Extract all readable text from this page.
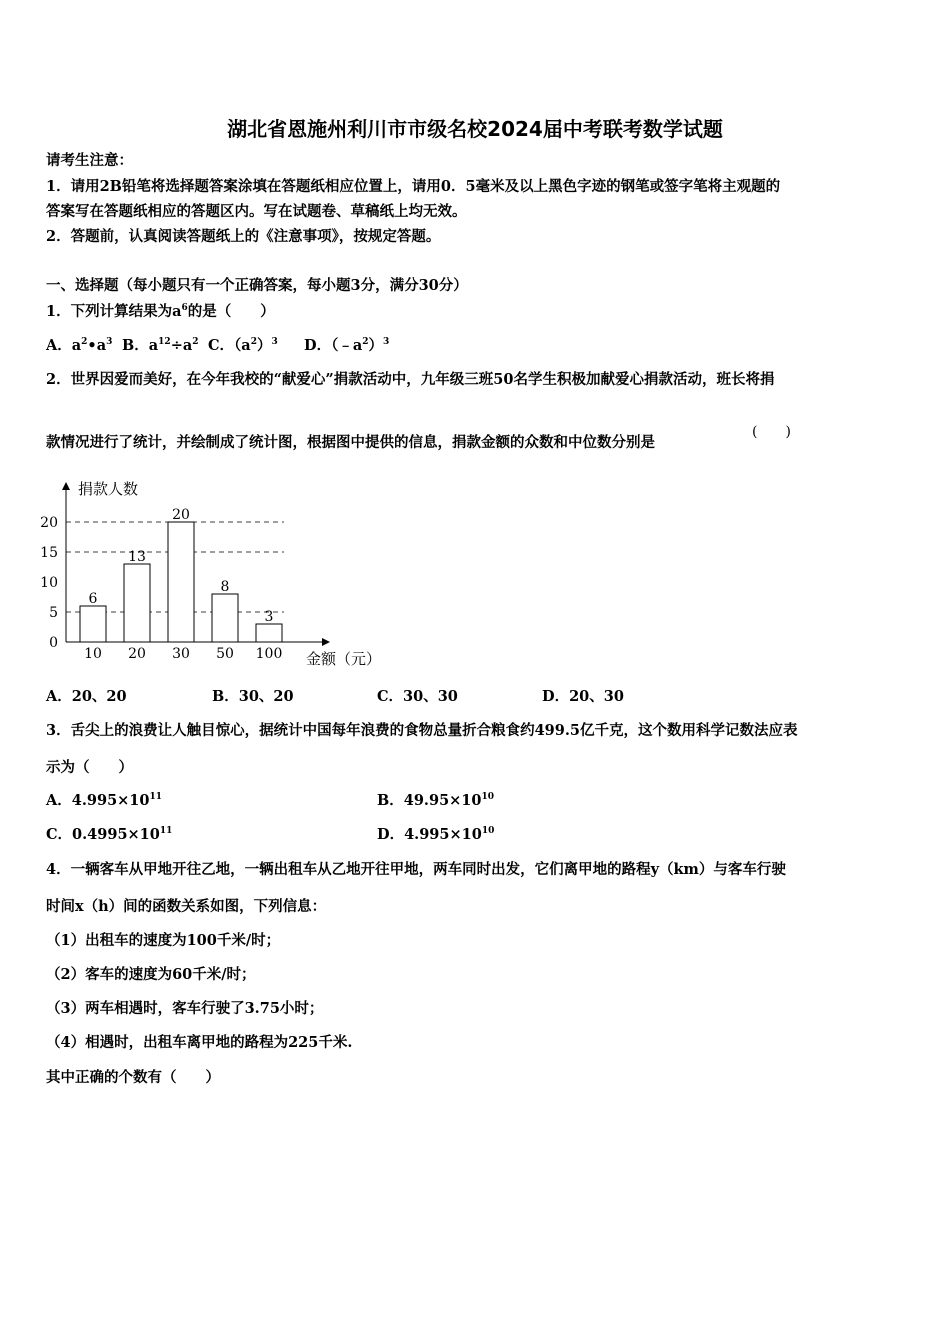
湖北省恩施州利川市市级名校2024届中考联考数学试题
请考生注意：
1．请用2B铅笔将选择题答案涂填在答题纸相应位置上，请用0．5毫米及以上黑色字迹的钢笔或签字笔将主观题的
答案写在答题纸相应的答题区内。写在试题卷、草稿纸上均无效。
2．答题前，认真阅读答题纸上的《注意事项》，按规定答题。
一、选择题（每小题只有一个正确答案，每小题3分，满分30分）
1．下列计算结果为$a^6$的是（　　）
A．$a^2•a^3$ B．$a^{12}\div a^2$ C．$(a^2)^3$ D．$(﹣a^2)^3$
2．世界因爱而美好，在今年我校的“献爱心”捐款活动中，九年级三班50名学生积极加献爱心捐款活动，班长将捐
款情况进行了统计，并绘制成了统计图，根据图中提供的信息，捐款金额的众数和中位数分别是
(　　)
捐款人数
金额（元）
0
5
10
15
20
6
13
20
8
3
10 20 30 50 100
A．20、20	B．30、20	C．30、30	D．20、30
3．舌尖上的浪费让人触目惊心，据统计中国每年浪费的食物总量折合粮食约499.5亿千克，这个数用科学记数法应表
示为（　　）
A．$4.995\times 10^{11}$	B．$49.95\times 10^{10}$
C．$0.4995\times 10^{11}$	D．$4.995\times 10^{10}$
4．一辆客车从甲地开往乙地，一辆出租车从乙地开往甲地，两车同时出发，它们离甲地的路程y（km）与客车行驶
时间x（h）间的函数关系如图，下列信息：
（1）出租车的速度为100千米/时；
（2）客车的速度为60千米/时；
（3）两车相遇时，客车行驶了3.75小时；
（4）相遇时，出租车离甲地的路程为225千米.
其中正确的个数有（　　）
